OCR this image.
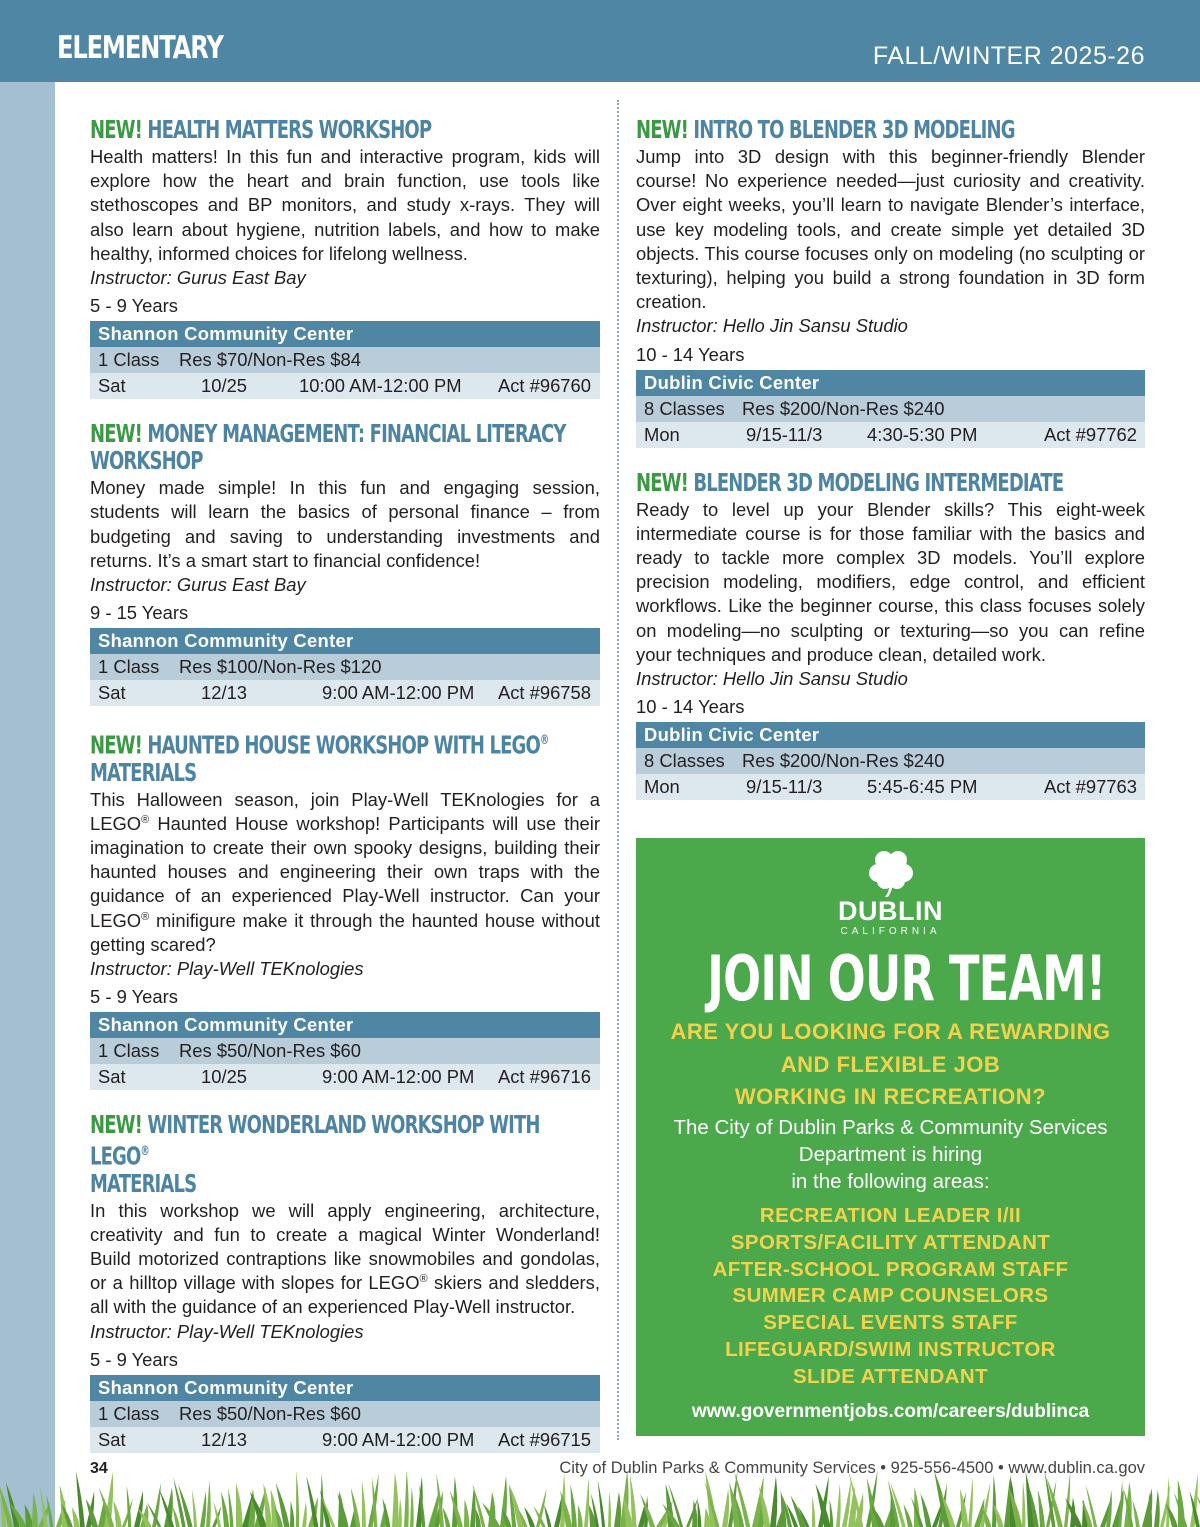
ELEMENTARY	FALL/WINTER 2025-26
NEW! HEALTH MATTERS WORKSHOP

Health matters! In this fun and interactive program, kids will explore how the heart and brain function, use tools like stethoscopes and BP monitors, and study x-rays. They will also learn about hygiene, nutrition labels, and how to make healthy, informed choices for lifelong wellness.

Instructor: Gurus East Bay

5 - 9 Years

Shannon Community Center
1 Class Res $70/Non-Res $84
Sat	10/25	10:00 AM-12:00 PM Act #96760
NEW! MONEY MANAGEMENT: FINANCIAL LITERACY WORKSHOP

Money made simple! In this fun and engaging session, students will learn the basics of personal finance – from budgeting and saving to understanding investments and returns. It’s a smart start to financial confidence!

Instructor: Gurus East Bay

9 - 15 Years

Shannon Community Center
1 Class Res $100/Non-Res $120
Sat	12/13	9:00 AM-12:00 PM Act #96758
NEW! HAUNTED HOUSE WORKSHOP WITH LEGO® MATERIALS

This Halloween season, join Play-Well TEKnologies for a LEGO® Haunted House workshop! Participants will use their imagination to create their own spooky designs, building their haunted houses and engineering their own traps with the guidance of an experienced Play-Well instructor. Can your LEGO® minifigure make it through the haunted house without getting scared?

Instructor: Play-Well TEKnologies

5 - 9 Years

Shannon Community Center
1 Class Res $50/Non-Res $60
Sat	10/25	9:00 AM-12:00 PM Act #96716
NEW! WINTER WONDERLAND WORKSHOP WITH LEGO®
MATERIALS

In this workshop we will apply engineering, architecture, creativity and fun to create a magical Winter Wonderland! Build motorized contraptions like snowmobiles and gondolas, or a hilltop village with slopes for LEGO® skiers and sledders, all with the guidance of an experienced Play-Well instructor.

Instructor: Play-Well TEKnologies

5 - 9 Years

Shannon Community Center
1 Class Res $50/Non-Res $60
Sat	12/13	9:00 AM-12:00 PM Act #96715
NEW! INTRO TO BLENDER 3D MODELING

Jump into 3D design with this beginner-friendly Blender course! No experience needed—just curiosity and creativity. Over eight weeks, you’ll learn to navigate Blender’s interface, use key modeling tools, and create simple yet detailed 3D objects. This course focuses only on modeling (no sculpting or texturing), helping you build a strong foundation in 3D form creation.

Instructor: Hello Jin Sansu Studio

10 - 14 Years

Dublin Civic Center
8 Classes Res $200/Non-Res $240
Mon	9/15-11/3 4:30-5:30 PM	Act #97762
NEW! BLENDER 3D MODELING INTERMEDIATE

Ready to level up your Blender skills? This eight-week intermediate course is for those familiar with the basics and ready to tackle more complex 3D models. You’ll explore precision modeling, modifiers, edge control, and efficient workflows. Like the beginner course, this class focuses solely on modeling—no sculpting or texturing—so you can refine your techniques and produce clean, detailed work.

Instructor: Hello Jin Sansu Studio

10 - 14 Years

Dublin Civic Center
8 Classes Res $200/Non-Res $240
Mon	9/15-11/3 5:45-6:45 PM	Act #97763
DUBLIN
CALIFORNIA
JOIN OUR TEAM!
ARE YOU LOOKING FOR A REWARDING
AND FLEXIBLE JOB
WORKING IN RECREATION?
The City of Dublin Parks & Community Services
Department is hiring
in the following areas:
RECREATION LEADER I/II
SPORTS/FACILITY ATTENDANT
AFTER-SCHOOL PROGRAM STAFF
SUMMER CAMP COUNSELORS
SPECIAL EVENTS STAFF
LIFEGUARD/SWIM INSTRUCTOR
SLIDE ATTENDANT
www.governmentjobs.com/careers/dublinca
34	City of Dublin Parks & Community Services • 925-556-4500 • www.dublin.ca.gov
